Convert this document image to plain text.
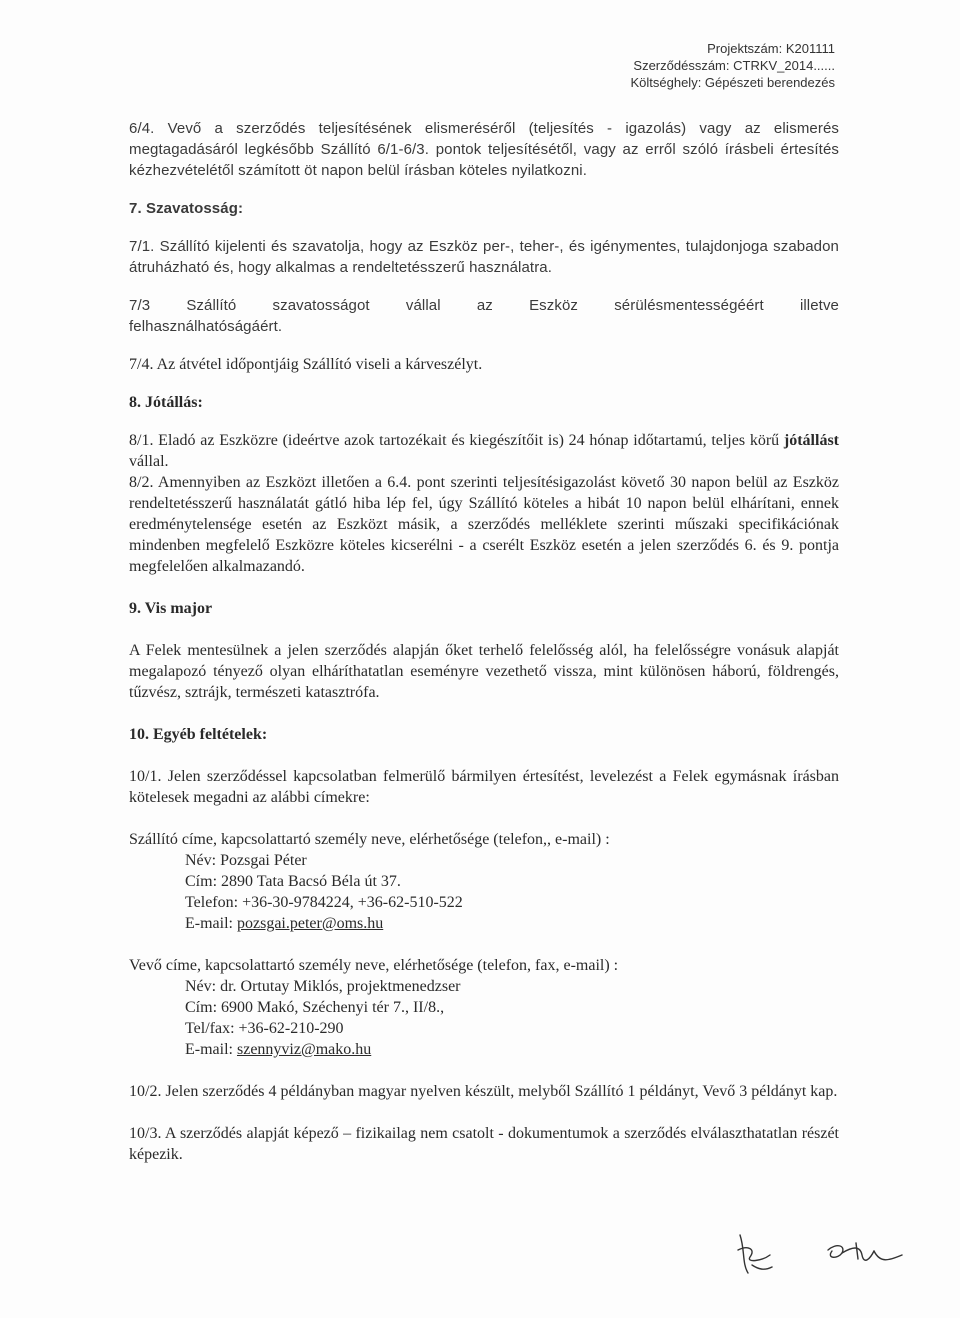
Projektszám: K201111
Szerződésszám: CTRKV_2014......
Költséghely: Gépészeti berendezés

6/4. Vevő a szerződés teljesítésének elismeréséről (teljesítés - igazolás) vagy az elismerés megtagadásáról legkésőbb Szállító 6/1-6/3. pontok teljesítésétől, vagy az erről szóló írásbeli értesítés kézhezvételétől számított öt napon belül írásban köteles nyilatkozni.

7. Szavatosság:

7/1. Szállító kijelenti és szavatolja, hogy az Eszköz per-, teher-, és igénymentes, tulajdonjoga szabadon átruházható és, hogy alkalmas a rendeltetésszerű használatra.

7/3 Szállító szavatosságot vállal az Eszköz sérülésmentességéért illetve
felhasználhatóságáért.

7/4. Az átvétel időpontjáig Szállító viseli a kárveszélyt.

8. Jótállás:

8/1. Eladó az Eszközre (ideértve azok tartozékait és kiegészítőit is) 24 hónap időtartamú, teljes körű jótállást vállal.

8/2. Amennyiben az Eszközt illetően a 6.4. pont szerinti teljesítésigazolást követő 30 napon belül az Eszköz rendeltetésszerű használatát gátló hiba lép fel, úgy Szállító köteles a hibát 10 napon belül elhárítani, ennek eredménytelensége esetén az Eszközt másik, a szerződés melléklete szerinti műszaki specifikációnak mindenben megfelelő Eszközre köteles kicserélni - a cserélt Eszköz esetén a jelen szerződés 6. és 9. pontja megfelelően alkalmazandó.

9. Vis major

A Felek mentesülnek a jelen szerződés alapján őket terhelő felelősség alól, ha felelősségre vonásuk alapját megalapozó tényező olyan elháríthatatlan eseményre vezethető vissza, mint különösen háború, földrengés, tűzvész, sztrájk, természeti katasztrófa.

10. Egyéb feltételek:

10/1. Jelen szerződéssel kapcsolatban felmerülő bármilyen értesítést, levelezést a Felek egymásnak írásban kötelesek megadni az alábbi címekre:

Szállító címe, kapcsolattartó személy neve, elérhetősége (telefon,, e-mail) :
Név: Pozsgai Péter
Cím: 2890 Tata Bacsó Béla út 37.
Telefon: +36-30-9784224, +36-62-510-522
E-mail: pozsgai.peter@oms.hu
Vevő címe, kapcsolattartó személy neve, elérhetősége (telefon, fax, e-mail) :
Név: dr. Ortutay Miklós, projektmenedzser
Cím: 6900 Makó, Széchenyi tér 7., II/8.,
Tel/fax: +36-62-210-290
E-mail: szennyviz@mako.hu

10/2. Jelen szerződés 4 példányban magyar nyelven készült, melyből Szállító 1 példányt, Vevő 3 példányt kap.

10/3. A szerződés alapját képező – fizikailag nem csatolt - dokumentumok a szerződés elválaszthatatlan részét képezik.
